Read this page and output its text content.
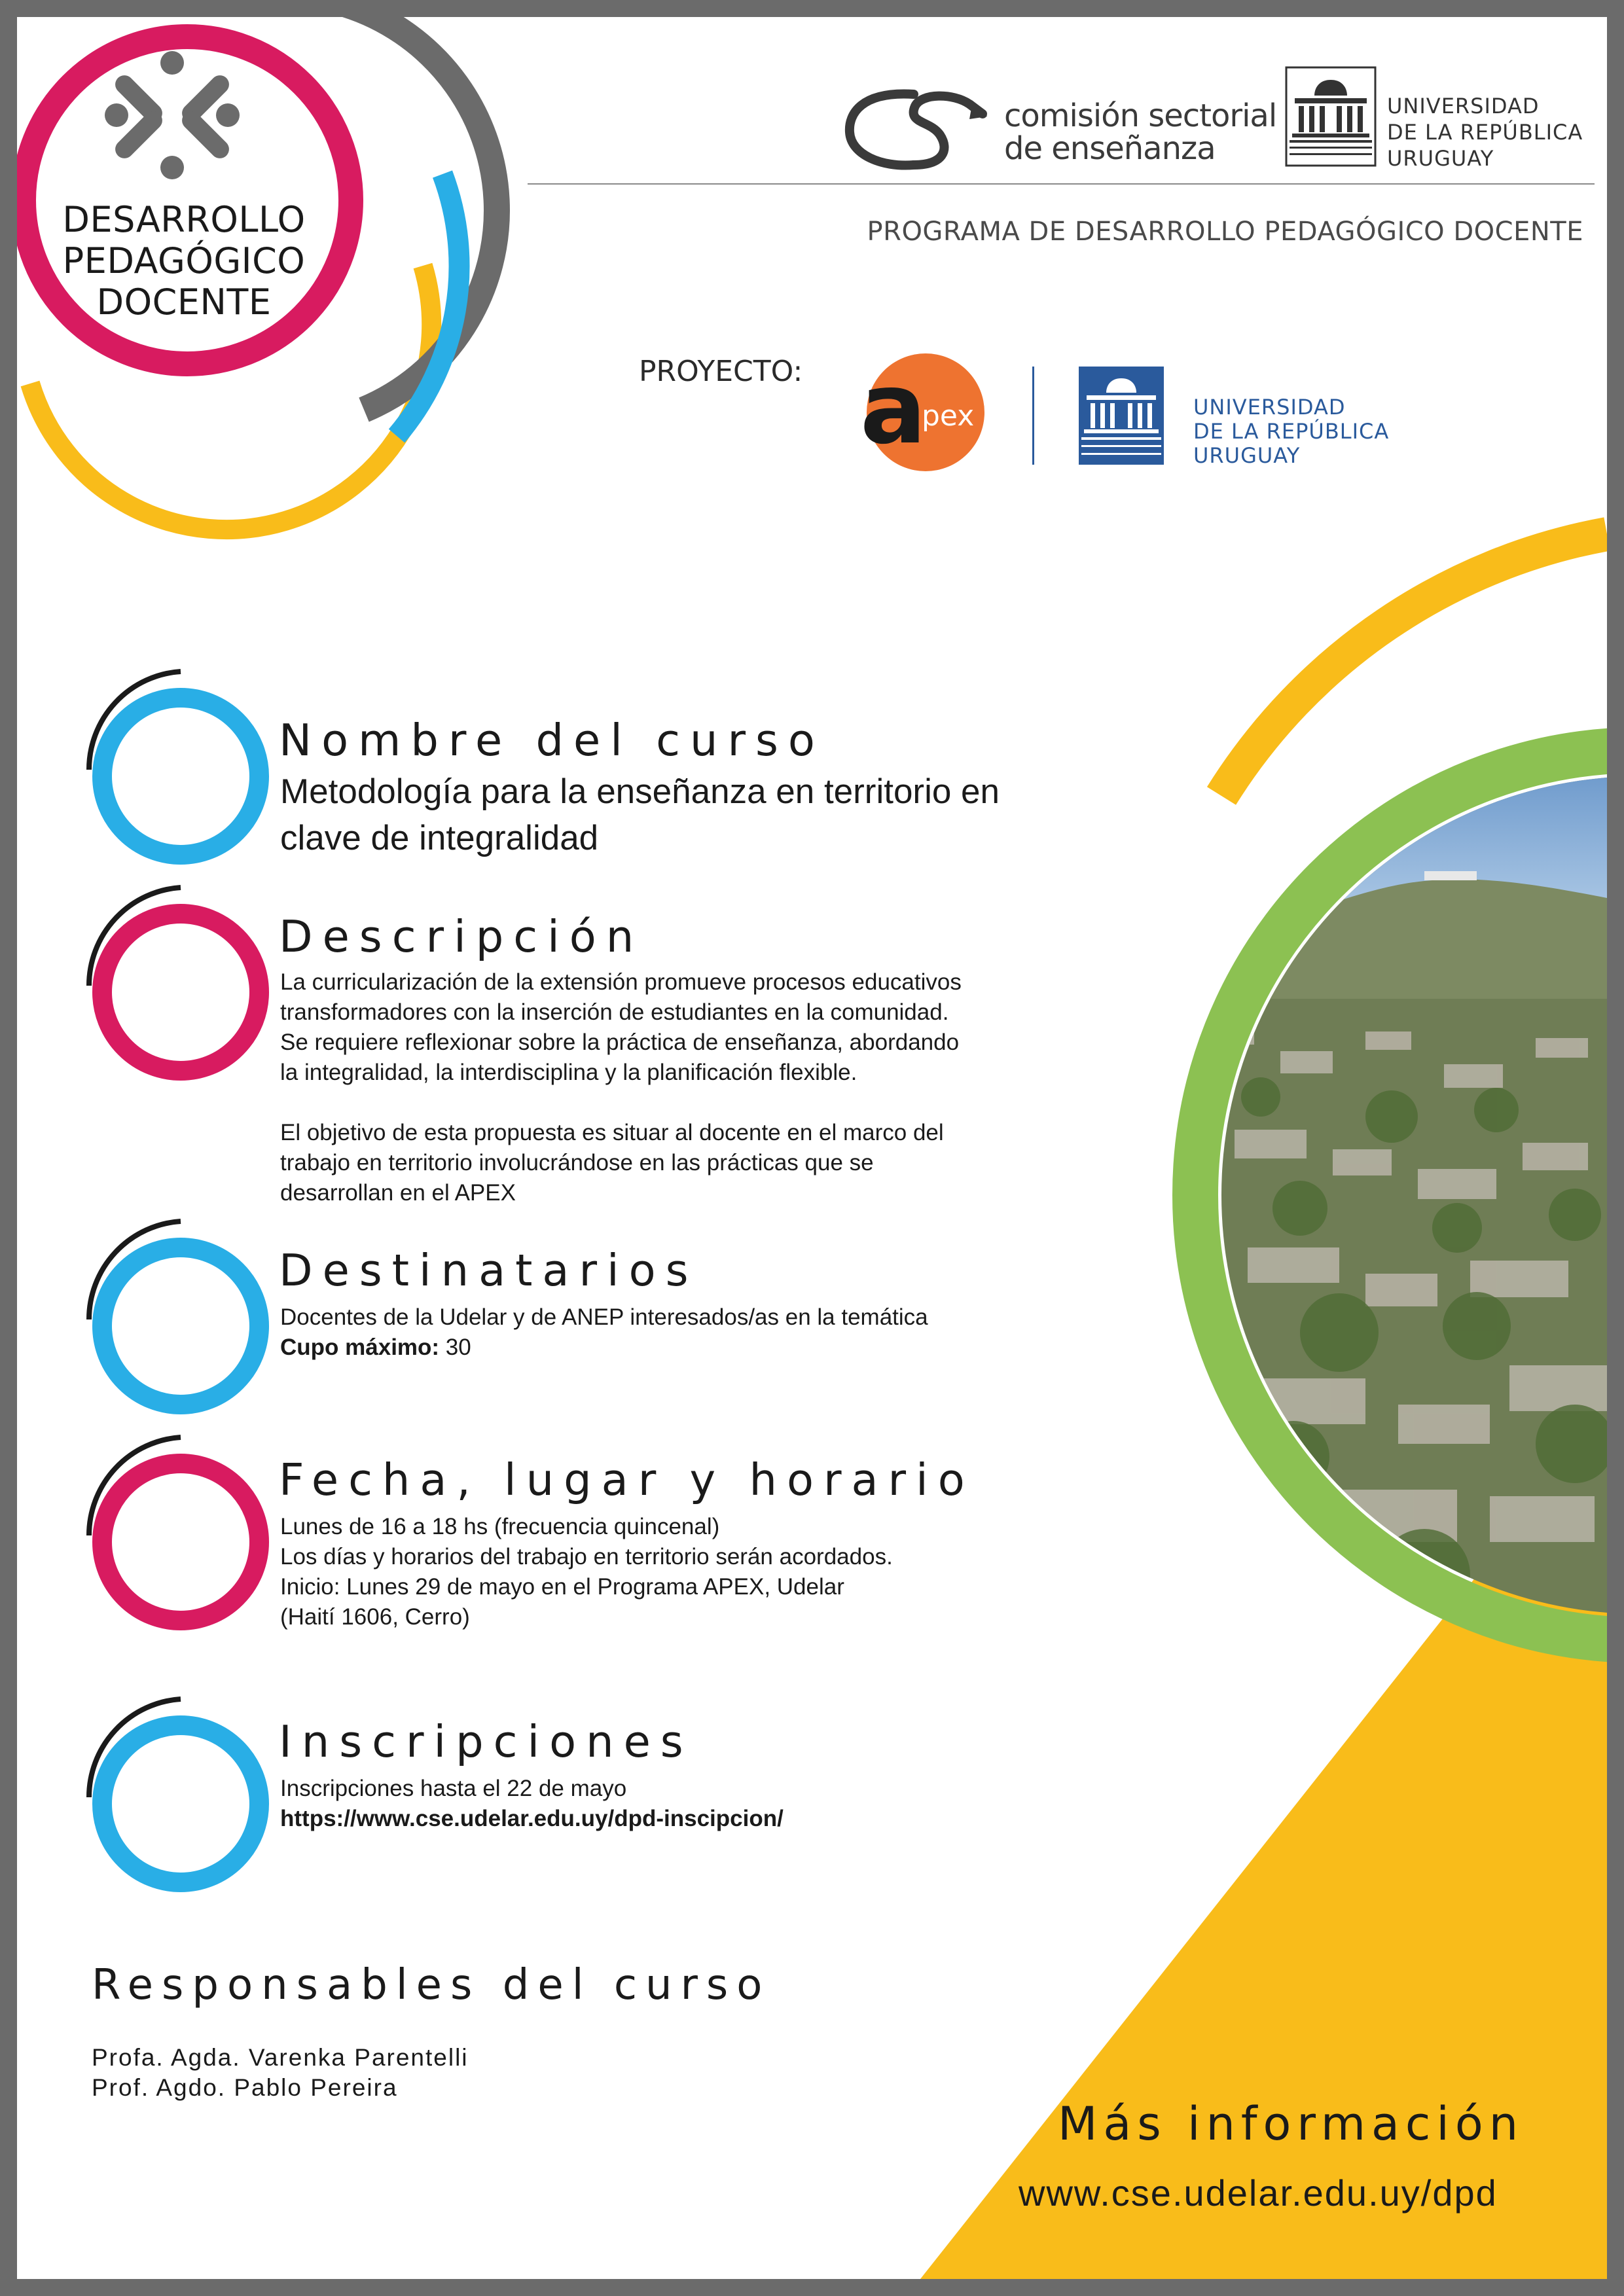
DESARROLLO
PEDAGÓGICO
DOCENTE
comisión sectorial
de enseñanza
UNIVERSIDAD
DE LA REPÚBLICA
URUGUAY
PROGRAMA DE DESARROLLO PEDAGÓGICO DOCENTE
PROYECTO: a
pex	UNIVERSIDAD
DE LA REPÚBLICA
URUGUAY
Nombre del curso

Metodología para la enseñanza en territorio en

clave de integralidad

Descripción

La curricularización de la extensión promueve procesos educativos

transformadores con la inserción de estudiantes en la comunidad.

Se requiere reflexionar sobre la práctica de enseñanza, abordando

la integralidad, la interdisciplina y la planificación flexible.

El objetivo de esta propuesta es situar al docente en el marco del

trabajo en territorio involucrándose en las prácticas que se

desarrollan en el APEX

Destinatarios

Docentes de la Udelar y de ANEP interesados/as en la temática

Cupo máximo: 30

Fecha, lugar y horario

Lunes de 16 a 18 hs (frecuencia quincenal)

Los días y horarios del trabajo en territorio serán acordados.

Inicio: Lunes 29 de mayo en el Programa APEX, Udelar

(Haití 1606, Cerro)

Inscripciones

Inscripciones hasta el 22 de mayo

https://www.cse.udelar.edu.uy/dpd-inscipcion/

Responsables del curso
Profa. Agda. Varenka Parentelli
Prof. Agdo. Pablo Pereira
Más información
www.cse.udelar.edu.uy/dpd
